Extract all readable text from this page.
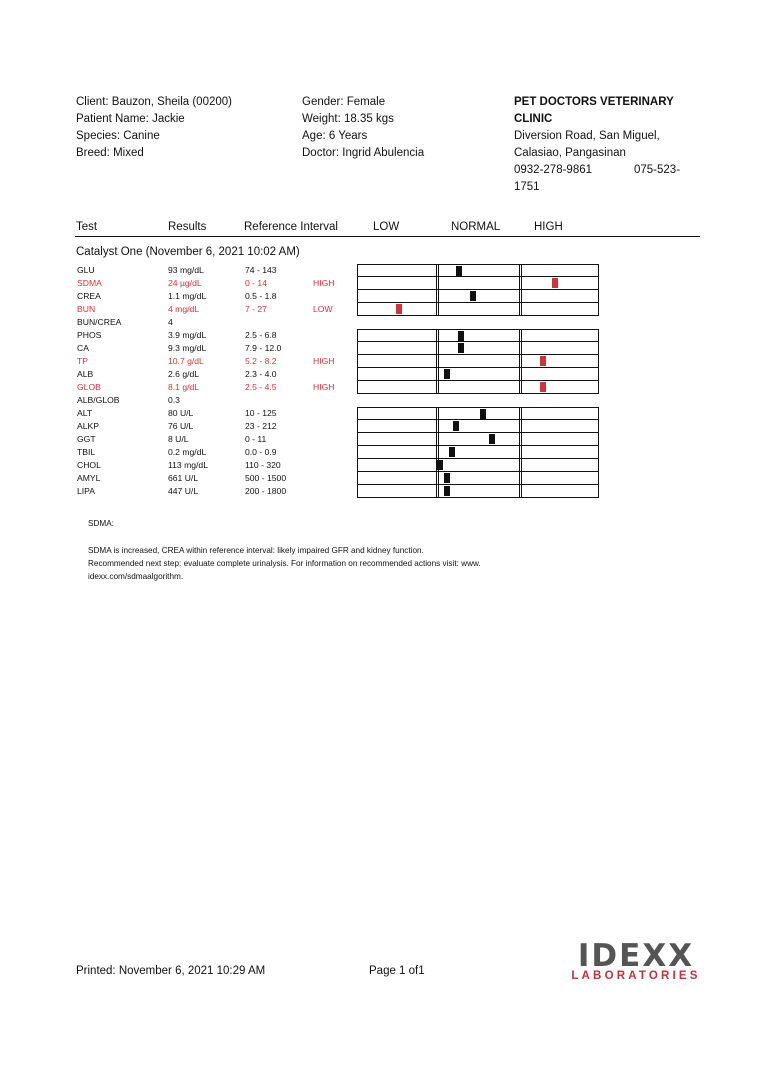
Client: Bauzon, Sheila (00200)
Patient Name: Jackie
Species: Canine
Breed: Mixed
Gender: Female
Weight: 18.35 kgs
Age: 6 Years
Doctor: Ingrid Abulencia
PET DOCTORS VETERINARY
CLINIC
Diversion Road, San Miguel,
Calasiao, Pangasinan
0932-278-9861	075-523-
1751
Test	Results	Reference Interval	LOW	NORMAL	HIGH
Catalyst One (November 6, 2021 10:02 AM)
GLU	93 mg/dL	74 - 143
SDMA	24 µg/dL	0 - 14	HIGH
CREA	1.1 mg/dL	0.5 - 1.8
BUN	4 mg/dL	7 - 27	LOW
BUN/CREA	4
PHOS	3.9 mg/dL	2.5 - 6.8
CA	9.3 mg/dL	7.9 - 12.0
TP	10.7 g/dL	5.2 - 8.2	HIGH
ALB	2.6 g/dL	2.3 - 4.0
GLOB	8.1 g/dL	2.5 - 4.5	HIGH
ALB/GLOB	0.3
ALT	80 U/L	10 - 125
ALKP	76 U/L	23 - 212
GGT	8 U/L	0 - 11
TBIL	0.2 mg/dL	0.0 - 0.9
CHOL	113 mg/dL	110 - 320
AMYL	661 U/L	500 - 1500
LIPA	447 U/L	200 - 1800
SDMA:
SDMA is increased, CREA within reference interval: likely impaired GFR and kidney function.
Recommended next step: evaluate complete urinalysis. For information on recommended actions visit: www.
idexx.com/sdmaalgorithm.
Printed: November 6, 2021 10:29 AM	Page 1 of1	IDEXX
LABORATORIES
